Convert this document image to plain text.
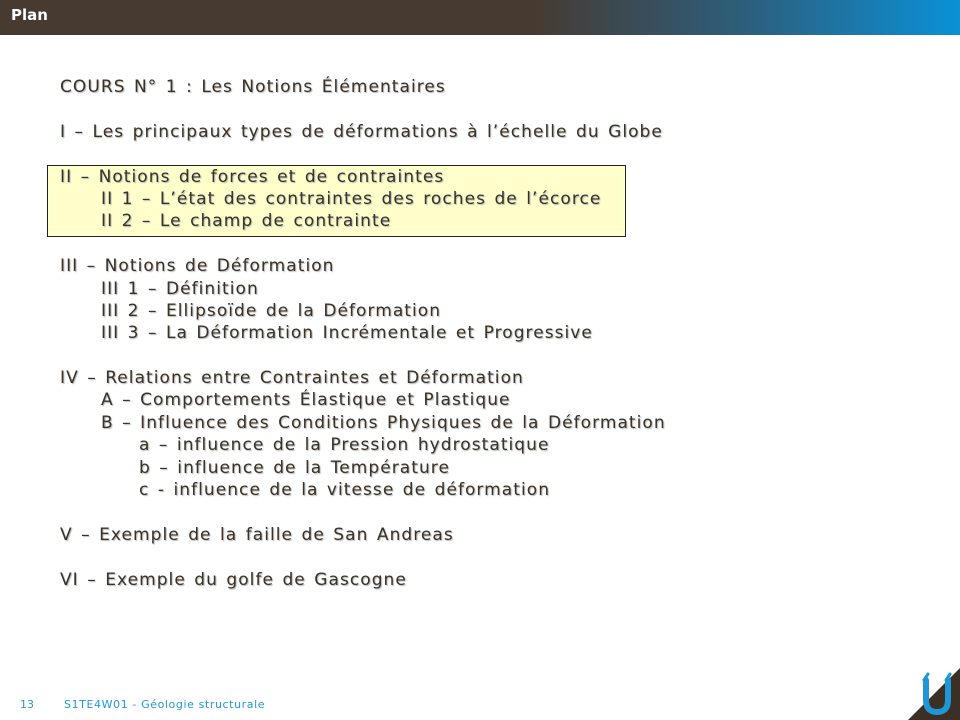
Plan
COURS N° 1 : Les Notions Élémentaires
I – Les principaux types de déformations à l’échelle du Globe
II – Notions de forces et de contraintes
II 1 – L’état des contraintes des roches de l’écorce
II 2 – Le champ de contrainte
III – Notions de Déformation
III 1 – Définition
III 2 – Ellipsoïde de la Déformation
III 3 – La Déformation Incrémentale et Progressive
IV – Relations entre Contraintes et Déformation
A – Comportements Élastique et Plastique
B – Influence des Conditions Physiques de la Déformation
a – influence de la Pression hydrostatique
b – influence de la Température
c - influence de la vitesse de déformation
V – Exemple de la faille de San Andreas
VI – Exemple du golfe de Gascogne
13	S1TE4W01 - Géologie structurale
